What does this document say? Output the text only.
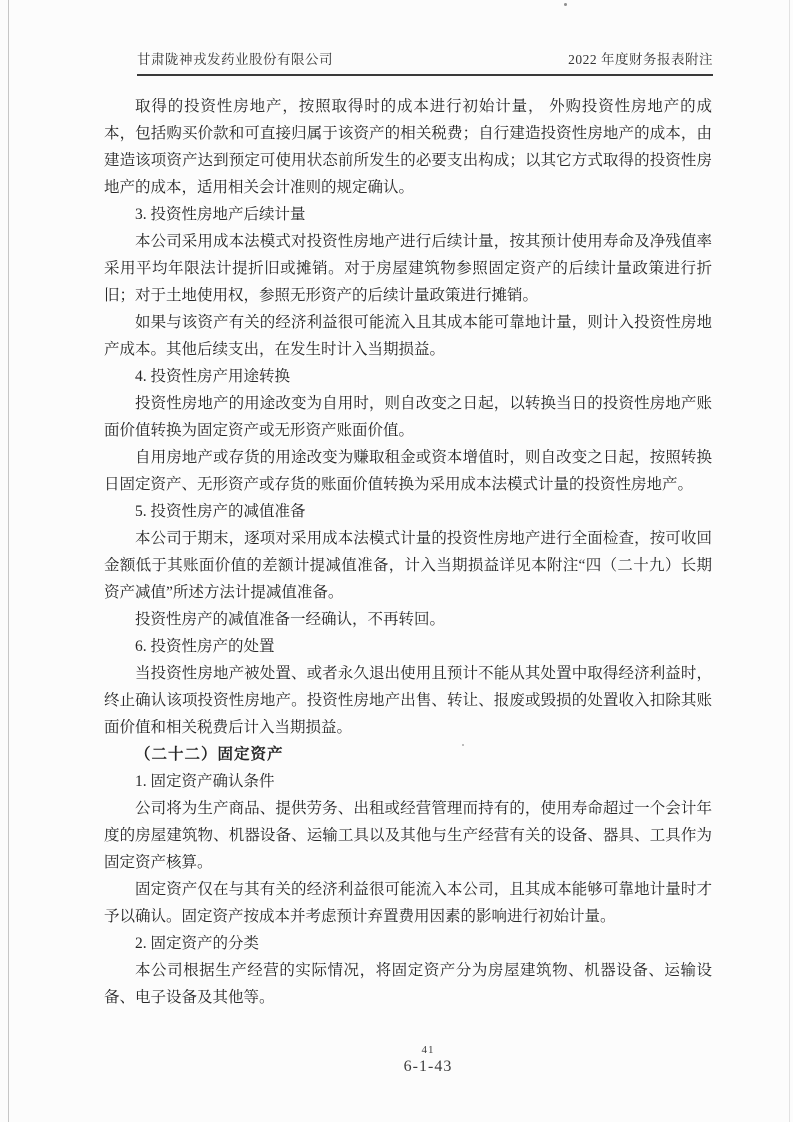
甘肃陇神戎发药业股份有限公司	2022 年度财务报表附注

取得的投资性房地产，按照取得时的成本进行初始计量， 外购投资性房地产的成本，包括购买价款和可直接归属于该资产的相关税费；自行建造投资性房地产的成本，由建造该项资产达到预定可使用状态前所发生的必要支出构成；以其它方式取得的投资性房地产的成本，适用相关会计准则的规定确认。

3. 投资性房地产后续计量

本公司采用成本法模式对投资性房地产进行后续计量，按其预计使用寿命及净残值率采用平均年限法计提折旧或摊销。对于房屋建筑物参照固定资产的后续计量政策进行折旧；对于土地使用权，参照无形资产的后续计量政策进行摊销。

如果与该资产有关的经济利益很可能流入且其成本能可靠地计量，则计入投资性房地产成本。其他后续支出，在发生时计入当期损益。

4. 投资性房产用途转换

投资性房地产的用途改变为自用时，则自改变之日起，以转换当日的投资性房地产账面价值转换为固定资产或无形资产账面价值。

自用房地产或存货的用途改变为赚取租金或资本增值时，则自改变之日起，按照转换日固定资产、无形资产或存货的账面价值转换为采用成本法模式计量的投资性房地产。

5. 投资性房产的减值准备

本公司于期末，逐项对采用成本法模式计量的投资性房地产进行全面检查，按可收回金额低于其账面价值的差额计提减值准备，计入当期损益详见本附注“四（二十九）长期资产减值”所述方法计提减值准备。

投资性房产的减值准备一经确认，不再转回。

6. 投资性房产的处置

当投资性房地产被处置、或者永久退出使用且预计不能从其处置中取得经济利益时，终止确认该项投资性房地产。投资性房地产出售、转让、报废或毁损的处置收入扣除其账面价值和相关税费后计入当期损益。

（二十二）固定资产

1. 固定资产确认条件

公司将为生产商品、提供劳务、出租或经营管理而持有的，使用寿命超过一个会计年度的房屋建筑物、机器设备、运输工具以及其他与生产经营有关的设备、器具、工具作为固定资产核算。

固定资产仅在与其有关的经济利益很可能流入本公司，且其成本能够可靠地计量时才予以确认。固定资产按成本并考虑预计弃置费用因素的影响进行初始计量。

2. 固定资产的分类

本公司根据生产经营的实际情况，将固定资产分为房屋建筑物、机器设备、运输设备、电子设备及其他等。

41
6-1-43
